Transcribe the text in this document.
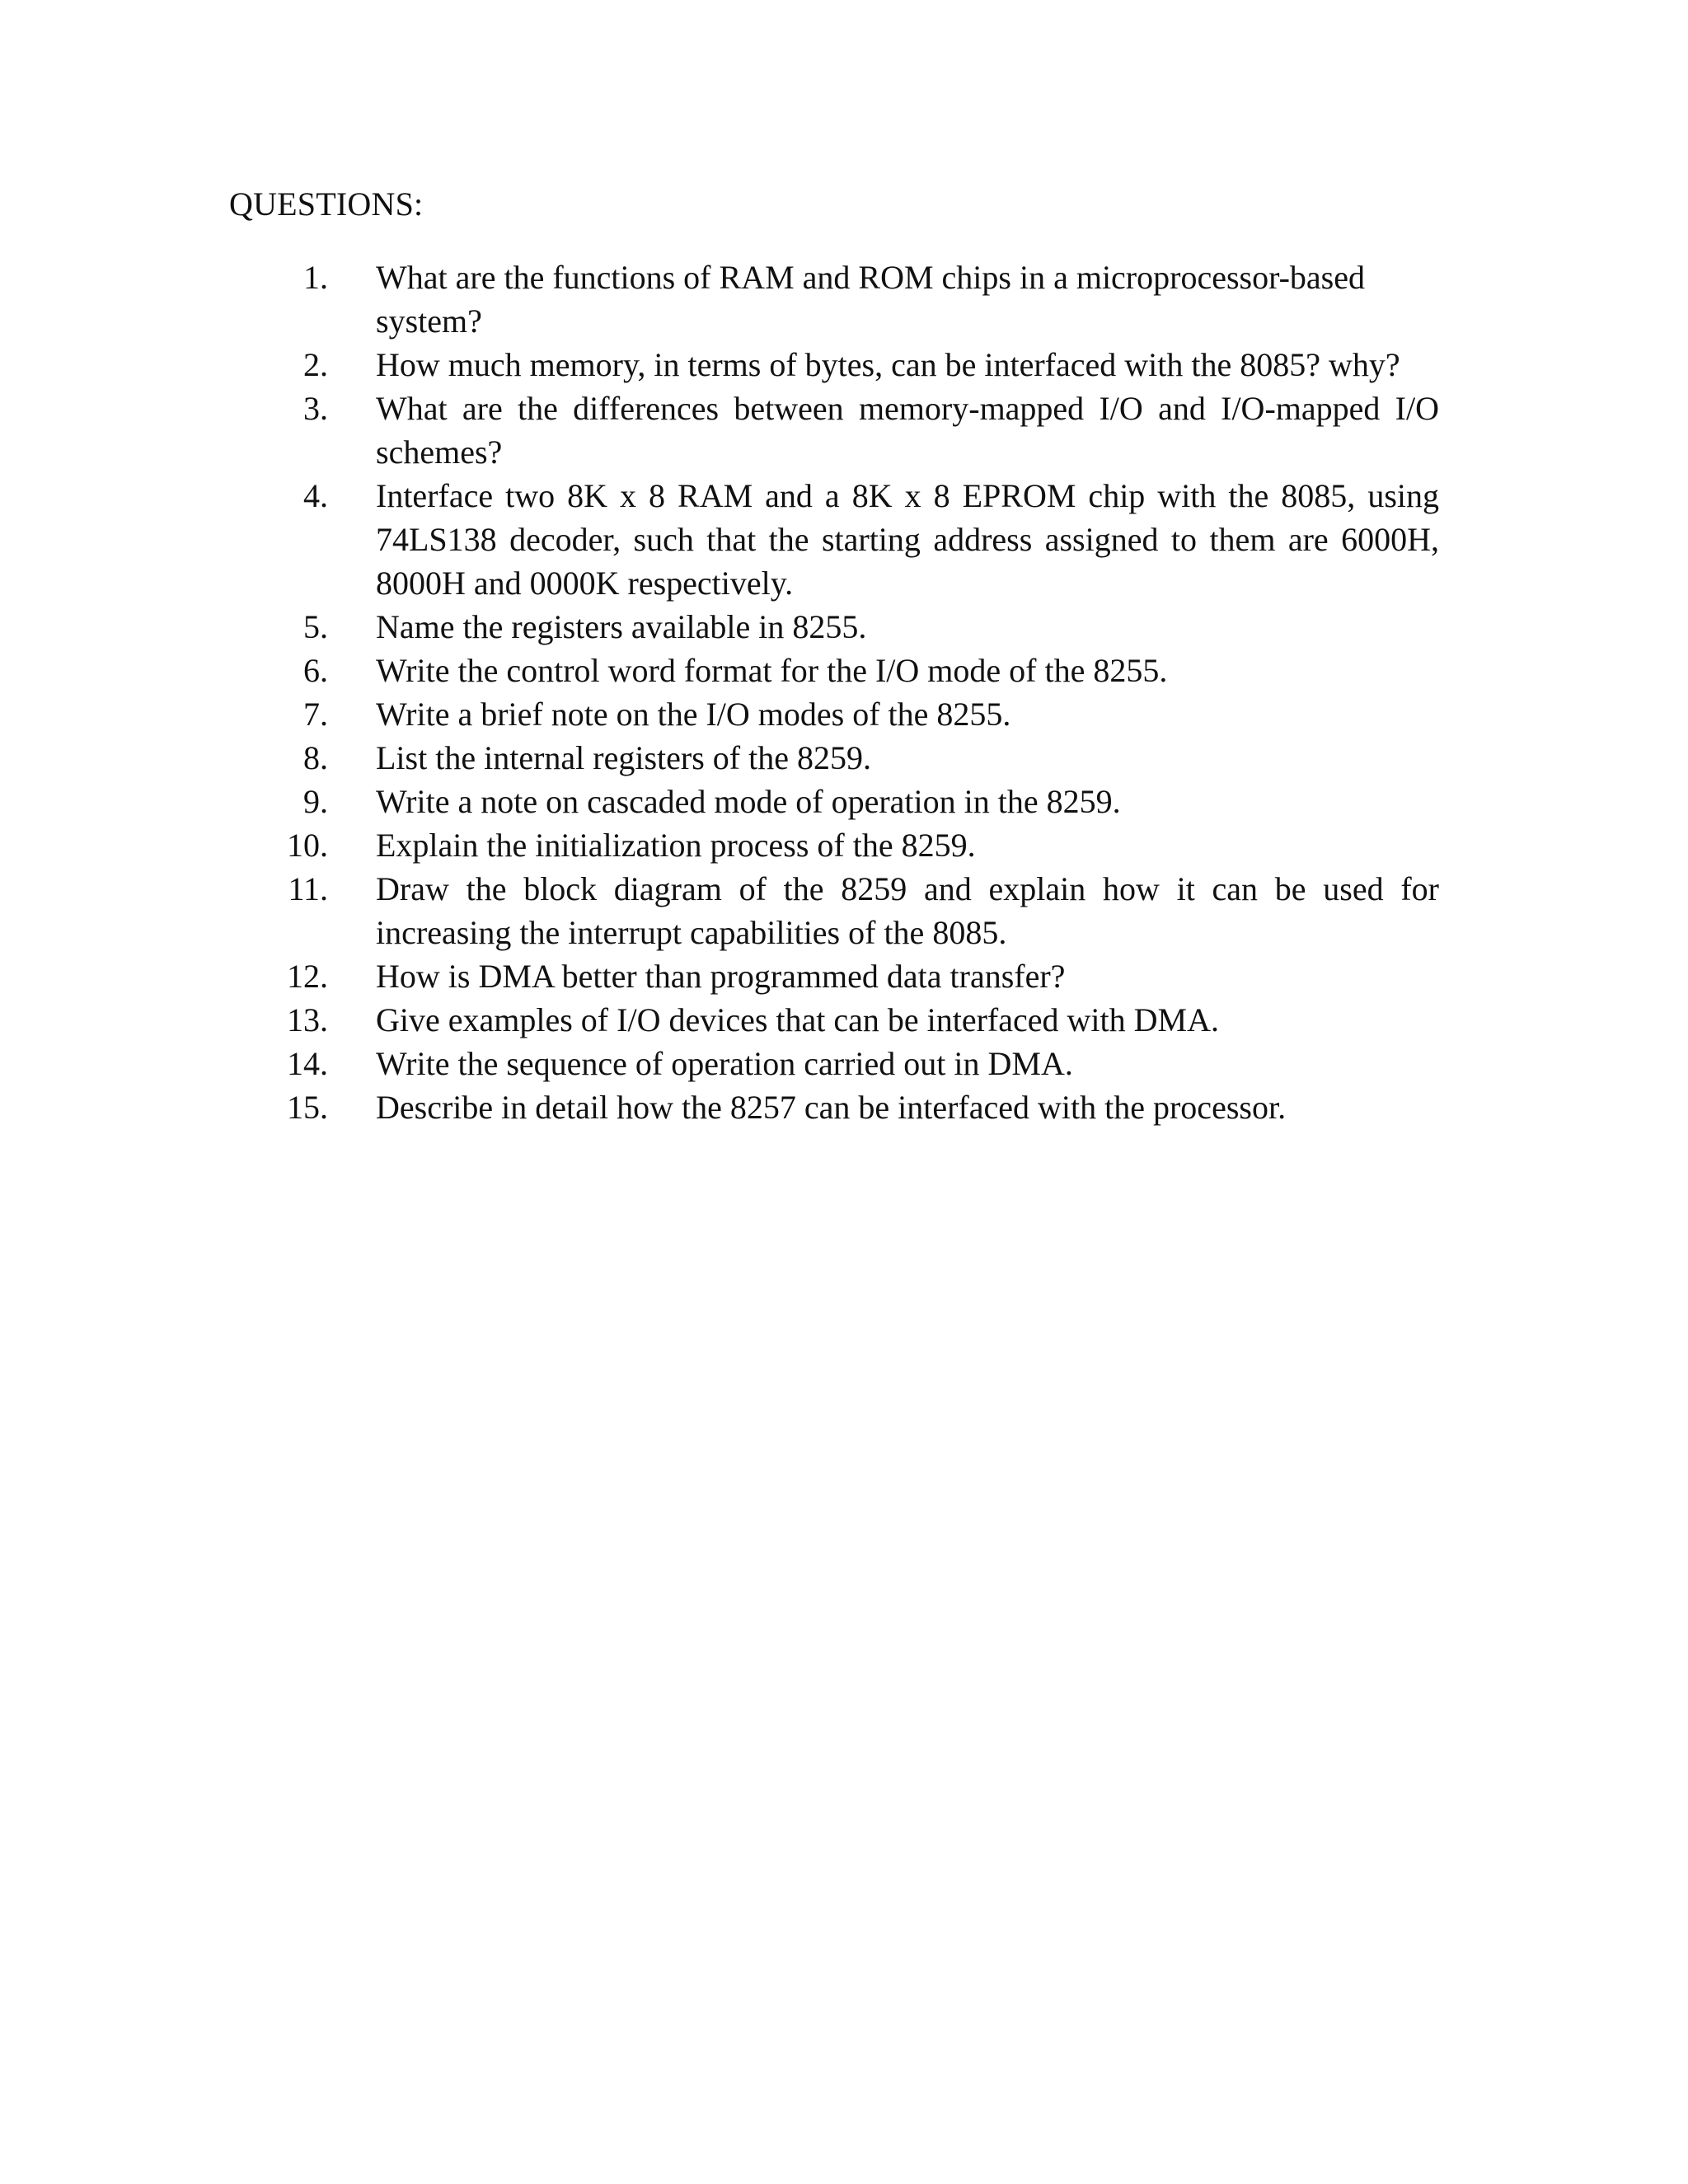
QUESTIONS:
1.	What are the functions of RAM and ROM chips in a microprocessor-based system?
2.	How much memory, in terms of bytes, can be interfaced with the 8085? why?
3.	What are the differences between memory-mapped I/O and I/O-mapped I/O schemes?
4.	Interface two 8K x 8 RAM and a 8K x 8 EPROM chip with the 8085, using 74LS138 decoder, such that the starting address assigned to them are 6000H, 8000H and 0000K respectively.
5.	Name the registers available in 8255.
6.	Write the control word format for the I/O mode of the 8255.
7.	Write a brief note on the I/O modes of the 8255.
8.	List the internal registers of the 8259.
9.	Write a note on cascaded mode of operation in the 8259.
10.	Explain the initialization process of the 8259.
11.	Draw the block diagram of the 8259 and explain how it can be used for increasing the interrupt capabilities of the 8085.
12.	How is DMA better than programmed data transfer?
13.	Give examples of I/O devices that can be interfaced with DMA.
14.	Write the sequence of operation carried out in DMA.
15.	Describe in detail how the 8257 can be interfaced with the processor.
